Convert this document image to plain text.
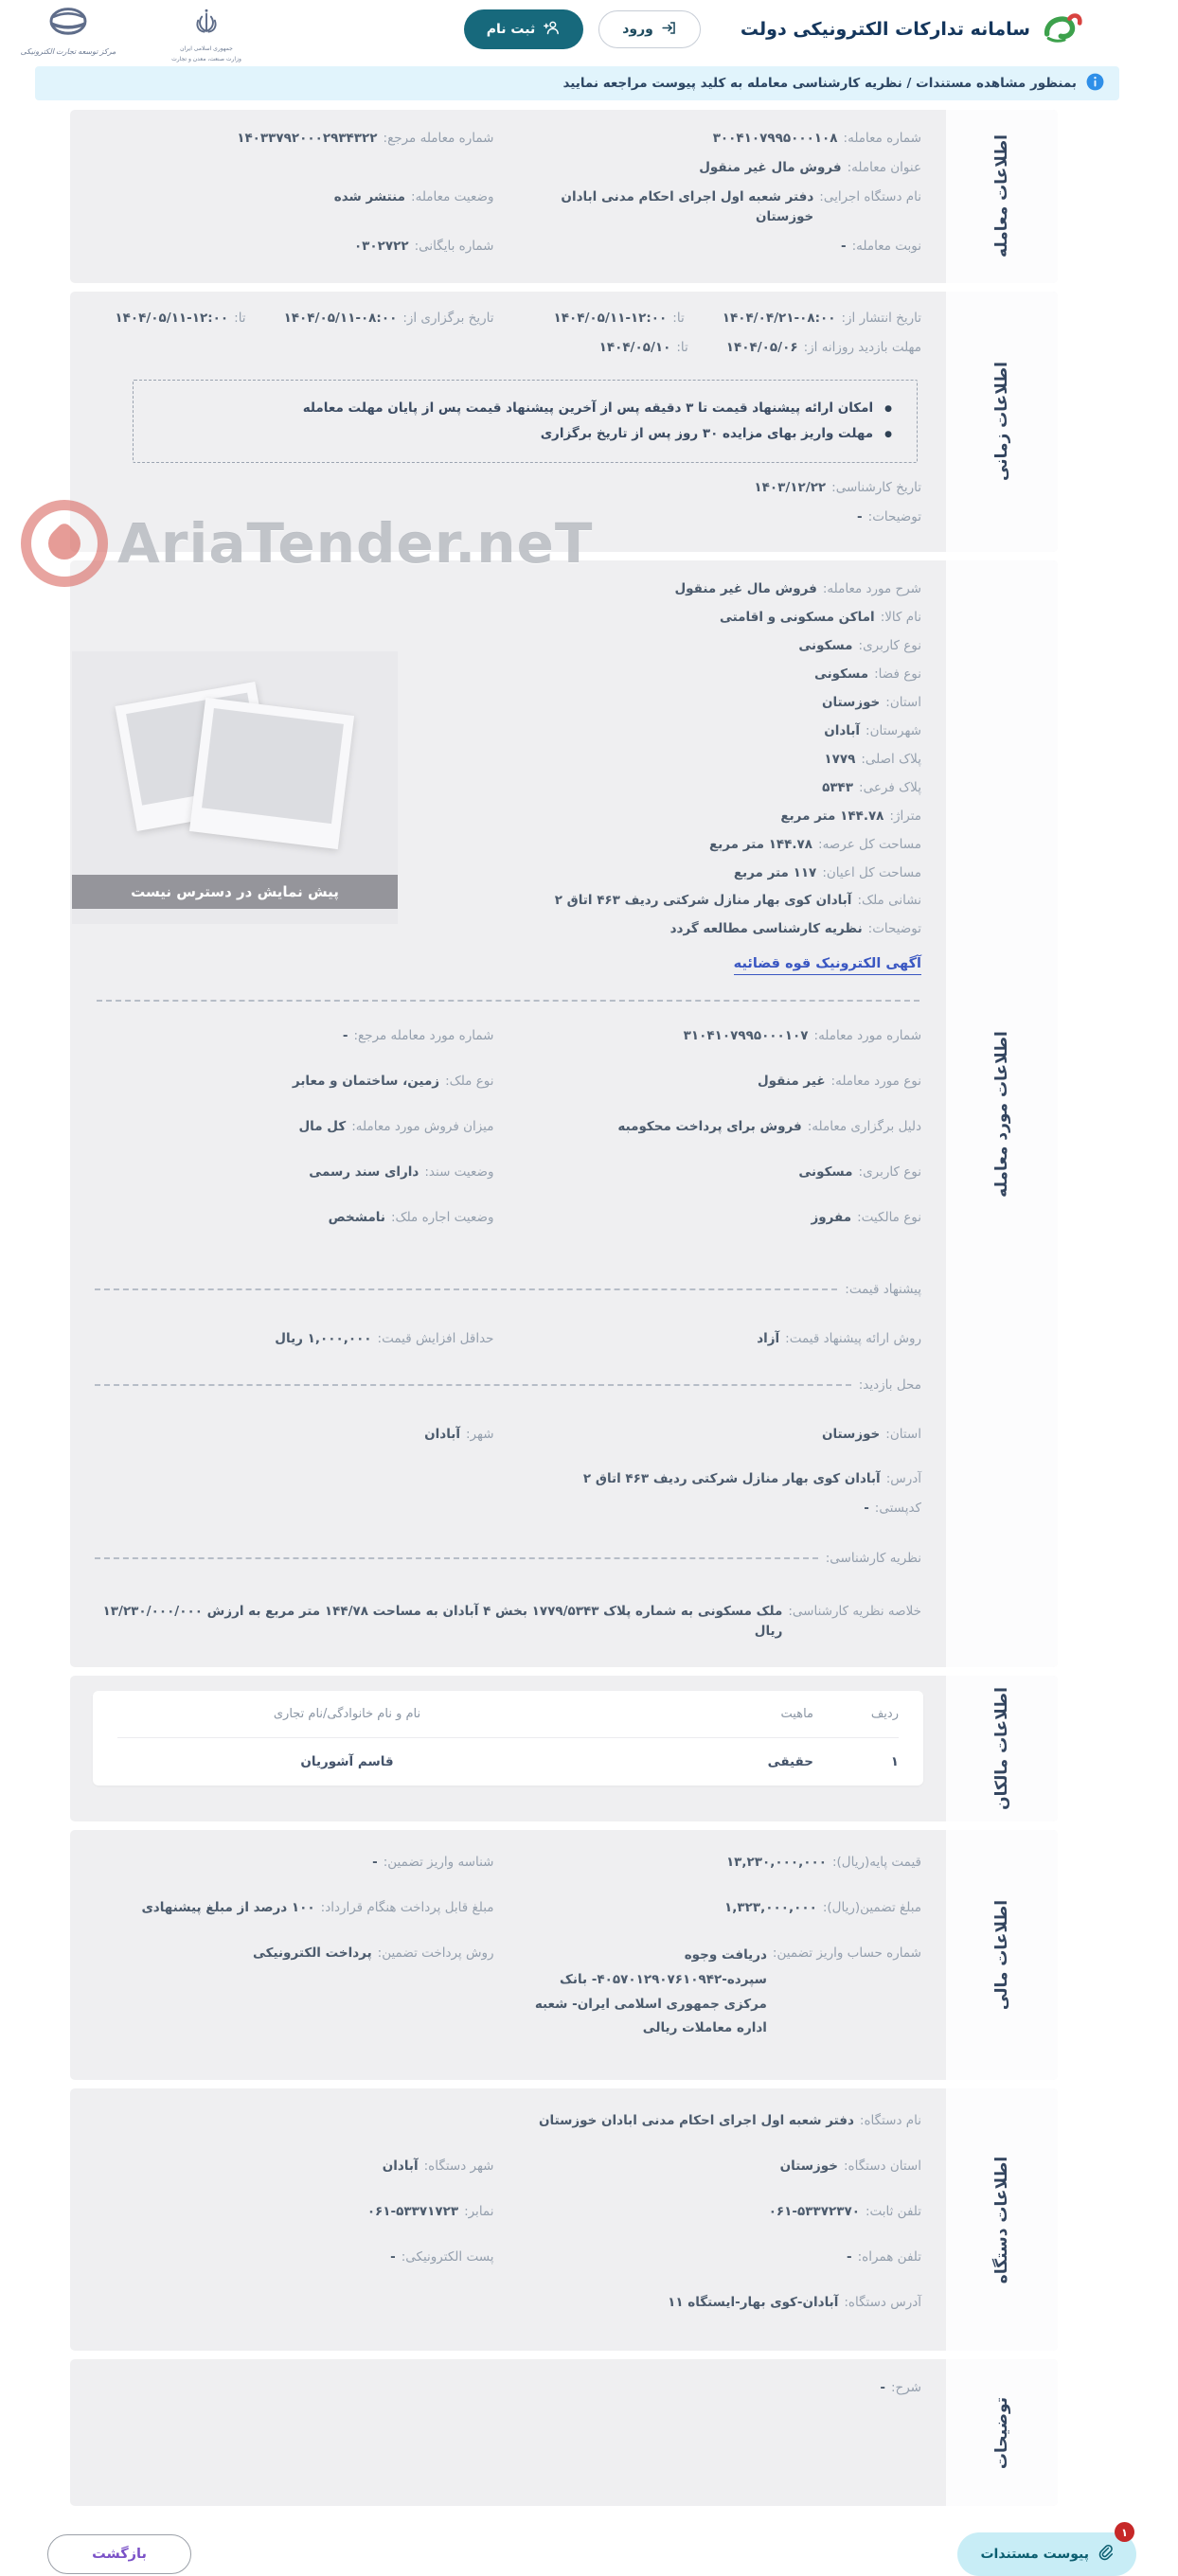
مرکز توسعه تجارت الکترونیکی	جمهوری اسلامی ایران
وزارت صنعت، معدن و تجارت
سامانه تدارکات الکترونیکی دولت
ورود
ثبت نام
بمنظور مشاهده مستندات / نظریه کارشناسی معامله به کلید پیوست مراجعه نمایید
اطلاعات معامله
شماره معامله:
۳۰۰۴۱۰۷۹۹۵۰۰۰۱۰۸
شماره معامله مرجع:
۱۴۰۳۳۷۹۲۰۰۰۲۹۳۴۳۲۲
عنوان معامله:
فروش مال غیر منقول
نام دستگاه اجرایی:
دفتر شعبه اول اجرای احکام مدنی ابادان خوزستان
وضعیت معامله:
منتشر شده
نوبت معامله:
-
شماره بایگانی:
۰۳۰۲۷۲۲
اطلاعات زمانی
تاریخ انتشار از:
۱۴۰۴/۰۴/۲۱-۰۸:۰۰
تا:
۱۴۰۴/۰۵/۱۱-۱۲:۰۰
تاریخ برگزاری از:
۱۴۰۴/۰۵/۱۱-۰۸:۰۰
تا:
۱۴۰۴/۰۵/۱۱-۱۲:۰۰
مهلت بازدید روزانه از:
۱۴۰۴/۰۵/۰۶
تا:
۱۴۰۴/۰۵/۱۰
●
امکان ارائه پیشنهاد قیمت تا ۳ دقیقه پس از آخرین پیشنهاد قیمت پس از پایان مهلت معامله
●
مهلت واریز بهای مزایده ۳۰ روز پس از تاریخ برگزاری
تاریخ کارشناسی:
۱۴۰۳/۱۲/۲۲
توضیحات:
-
اطلاعات مورد معامله
پیش نمایش در دسترس نیست
شرح مورد معامله:
فروش مال غیر منقول
نام کالا:
اماکن مسکونی و اقامتی
نوع کاربری:
مسکونی
نوع فضا:
مسکونی
استان:
خوزستان
شهرستان:
آبادان
پلاک اصلی:
۱۷۷۹
پلاک فرعی:
۵۳۴۳
متراژ:
۱۴۴.۷۸ متر مربع
مساحت کل عرصه:
۱۴۴.۷۸ متر مربع
مساحت کل اعیان:
۱۱۷ متر مربع
نشانی ملک:
آبادان کوی بهار منازل شرکتی ردیف ۴۶۳ اتاق ۲
توضیحات:
نظریه کارشناسی مطالعه گردد
آگهی الکترونیک قوه قضائیه
شماره مورد معامله:
۳۱۰۴۱۰۷۹۹۵۰۰۰۱۰۷
شماره مورد معامله مرجع:
-
نوع مورد معامله:
غیر منقول
نوع ملک:
زمین، ساختمان و معابر
دلیل برگزاری معامله:
فروش برای پرداخت محکومبه
میزان فروش مورد معامله:
کل مال
نوع کاربری:
مسکونی
وضعیت سند:
دارای سند رسمی
نوع مالکیت:
مفروز
وضعیت اجاره ملک:
نامشخص
پیشنهاد قیمت:
روش ارائه پیشنهاد قیمت:
آزاد
حداقل افزایش قیمت:
۱,۰۰۰,۰۰۰ ریال
محل بازدید:
استان:
خوزستان
شهر:
آبادان
آدرس:
آبادان کوی بهار منازل شرکتی ردیف ۴۶۳ اتاق ۲
کدپستی:
-
نظریه کارشناسی:
خلاصه نظریه کارشناسی:
ملک مسکونی به شماره پلاک ۱۷۷۹/۵۳۴۳ بخش ۴ آبادان به مساحت ۱۴۴/۷۸ متر مربع به ارزش ۱۳/۲۳۰/۰۰۰/۰۰۰ ریال
اطلاعات مالکان
ردیف
ماهیت
نام و نام خانوادگی/نام تجاری
۱
حقیقی
قاسم آشوریان
اطلاعات مالی
قیمت پایه(ریال):
۱۳,۲۳۰,۰۰۰,۰۰۰
شناسه واریز تضمین:
-
مبلغ تضمین(ریال):
۱,۳۲۳,۰۰۰,۰۰۰
مبلغ قابل پرداخت هنگام قرارداد:
۱۰۰ درصد از مبلغ پیشنهادی
شماره حساب واریز تضمین:
دریافت وجوه سپرده-۴۰۵۷۰۱۲۹۰۷۶۱۰۹۴۲- بانک مرکزی جمهوری اسلامی ایران- شعبه اداره معاملات ریالی
روش پرداخت تضمین:
پرداخت الکترونیکی
اطلاعات دستگاه
نام دستگاه:
دفتر شعبه اول اجرای احکام مدنی ابادان خوزستان
استان دستگاه:
خوزستان
شهر دستگاه:
آبادان
تلفن ثابت:
۰۶۱-۵۳۳۷۲۳۷۰
نمابر:
۰۶۱-۵۳۳۷۱۷۲۳
تلفن همراه:
-
پست الکترونیکی:
-
آدرس دستگاه:
آبادان-کوی بهار-ایستگاه ۱۱
توضیحات
شرح:
-
پیوست مستندات
۱
بازگشت
AriaTender.neT
